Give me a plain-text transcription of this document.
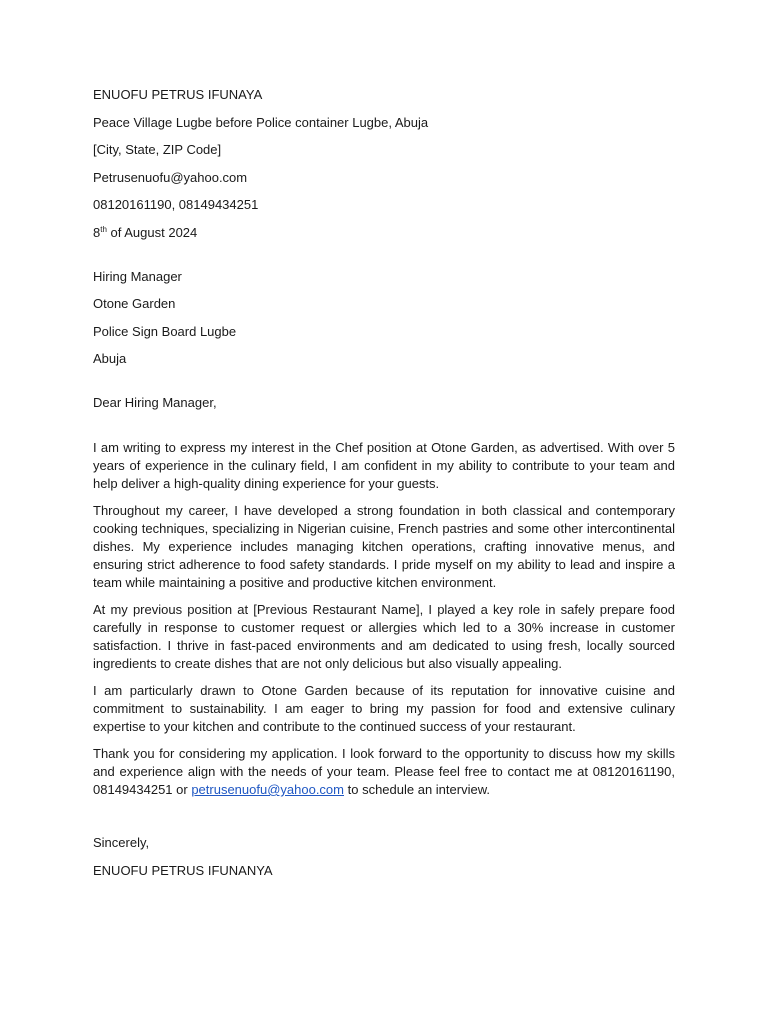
ENUOFU PETRUS IFUNAYA
Peace Village Lugbe before Police container Lugbe, Abuja
[City, State, ZIP Code]
Petrusenuofu@yahoo.com
08120161190, 08149434251
8th of August 2024
Hiring Manager
Otone Garden
Police Sign Board Lugbe
Abuja
Dear Hiring Manager,

I am writing to express my interest in the Chef position at Otone Garden, as advertised. With over 5 years of experience in the culinary field, I am confident in my ability to contribute to your team and help deliver a high-quality dining experience for your guests.

Throughout my career, I have developed a strong foundation in both classical and contemporary cooking techniques, specializing in Nigerian cuisine, French pastries and some other intercontinental dishes. My experience includes managing kitchen operations, crafting innovative menus, and ensuring strict adherence to food safety standards. I pride myself on my ability to lead and inspire a team while maintaining a positive and productive kitchen environment.

At my previous position at [Previous Restaurant Name], I played a key role in safely prepare food carefully in response to customer request or allergies which led to a 30% increase in customer satisfaction. I thrive in fast-paced environments and am dedicated to using fresh, locally sourced ingredients to create dishes that are not only delicious but also visually appealing.

I am particularly drawn to Otone Garden because of its reputation for innovative cuisine and commitment to sustainability. I am eager to bring my passion for food and extensive culinary expertise to your kitchen and contribute to the continued success of your restaurant.

Thank you for considering my application. I look forward to the opportunity to discuss how my skills and experience align with the needs of your team. Please feel free to contact me at 08120161190, 08149434251 or petrusenuofu@yahoo.com to schedule an interview.

Sincerely,
ENUOFU PETRUS IFUNANYA
